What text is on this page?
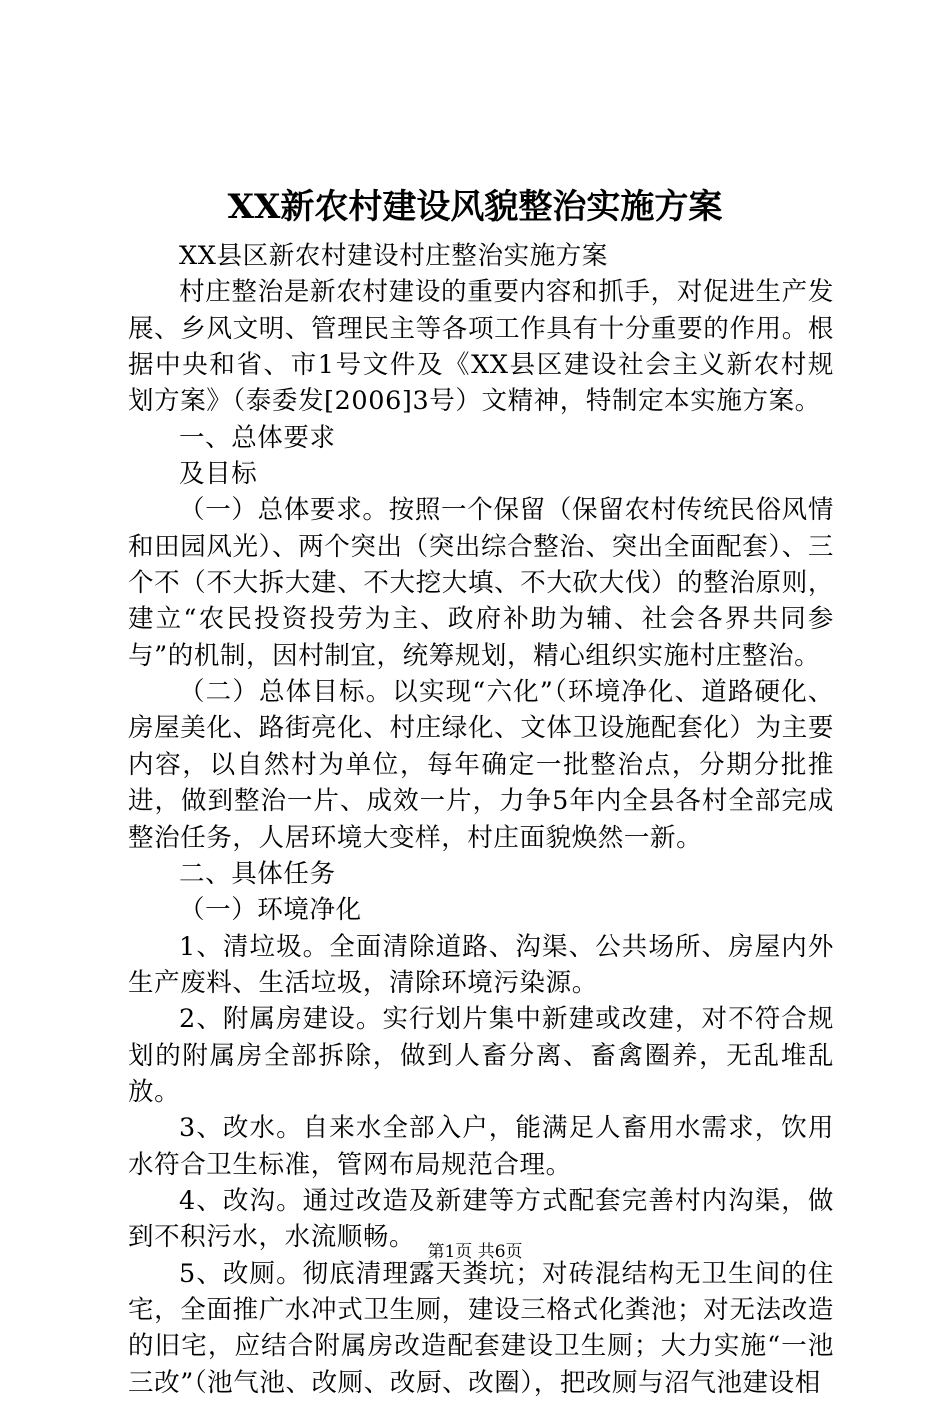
XX新农村建设风貌整治实施方案

XX县区新农村建设村庄整治实施方案

村庄整治是新农村建设的重要内容和抓手，对促进生产发展、乡风文明、管理民主等各项工作具有十分重要的作用。根据中央和省、市1号文件及《XX县区建设社会主义新农村规划方案》（泰委发[2006]3号）文精神，特制定本实施方案。

一、总体要求

及目标

（一）总体要求。按照一个保留（保留农村传统民俗风情和田园风光）、两个突出（突出综合整治、突出全面配套）、三个不（不大拆大建、不大挖大填、不大砍大伐）的整治原则，建立“农民投资投劳为主、政府补助为辅、社会各界共同参与”的机制，因村制宜，统筹规划，精心组织实施村庄整治。

（二）总体目标。以实现“六化”（环境净化、道路硬化、房屋美化、路街亮化、村庄绿化、文体卫设施配套化）为主要内容，以自然村为单位，每年确定一批整治点，分期分批推进，做到整治一片、成效一片，力争5年内全县各村全部完成整治任务，人居环境大变样，村庄面貌焕然一新。

二、具体任务

（一）环境净化

1、清垃圾。全面清除道路、沟渠、公共场所、房屋内外生产废料、生活垃圾，清除环境污染源。

2、附属房建设。实行划片集中新建或改建，对不符合规划的附属房全部拆除，做到人畜分离、畜禽圈养，无乱堆乱放。

3、改水。自来水全部入户，能满足人畜用水需求，饮用水符合卫生标准，管网布局规范合理。

4、改沟。通过改造及新建等方式配套完善村内沟渠，做到不积污水，水流顺畅。

5、改厕。彻底清理露天粪坑；对砖混结构无卫生间的住宅，全面推广水冲式卫生厕，建设三格式化粪池；对无法改造的旧宅，应结合附属房改造配套建设卫生厕；大力实施“一池三改”（池气池、改厕、改厨、改圈），把改厕与沼气池建设相

第1页 共6页
